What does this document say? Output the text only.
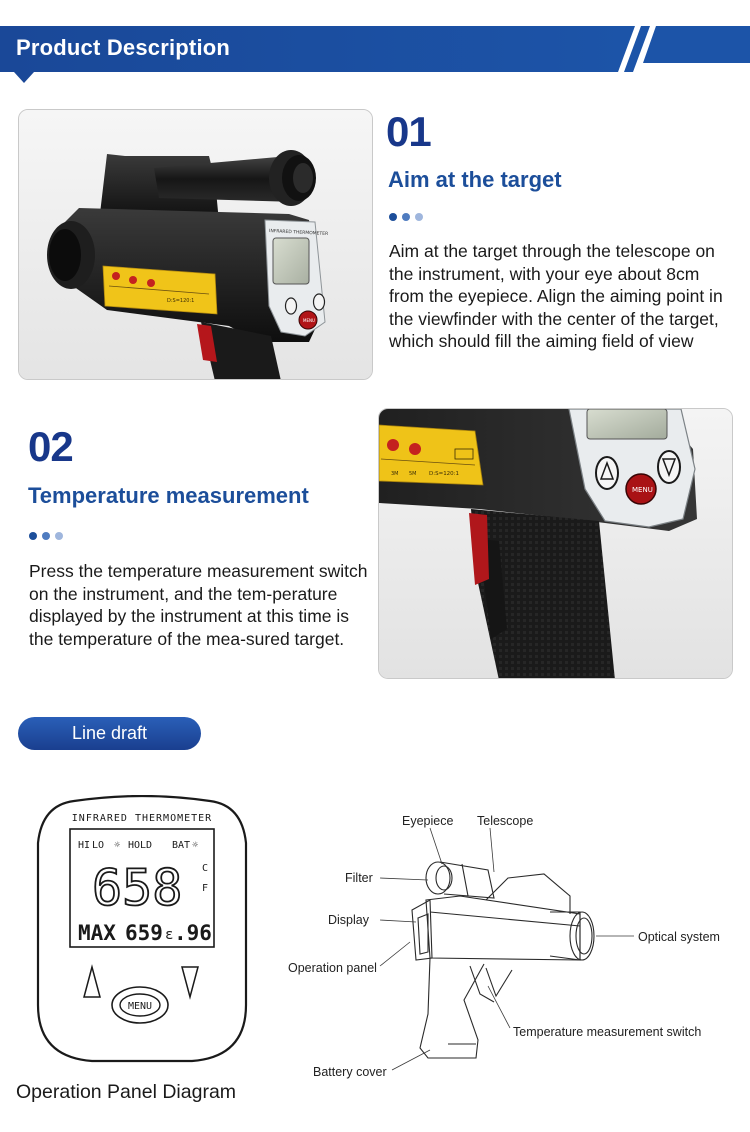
Product Description
D:S=120:1
INFRARED THERMOMETER
MENU
01
Aim at the target
Aim at the target through the telescope on the instrument, with your eye about 8cm from the eyepiece. Align the aiming point in the viewfinder with the center of the target, which should fill the aiming field of view
02
Temperature measurement
Press the temperature measurement switch on the instrument, and the tem-perature displayed by the instrument at this time is the temperature of the mea-sured target.
3M 5M D:S=120:1
MENU
Line draft
INFRARED THERMOMETER
HI LO ☼ HOLD BAT ☼
658 C
F
MAX 659 ε .96
MENU
Operation Panel Diagram
Eyepiece Telescope
Filter
Display
Operation panel
Optical system
Temperature measurement switch
Battery cover
